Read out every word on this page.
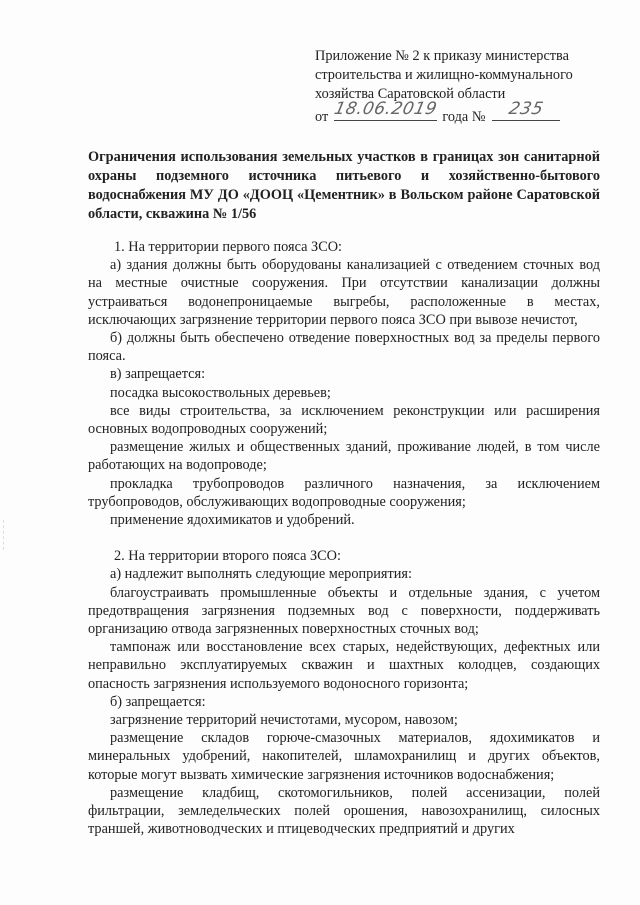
Приложение № 2 к приказу министерства
строительства и жилищно-коммунального
хозяйства Саратовской области
от 18.06.2019 года №	235
Ограничения использования земельных участков в границах зон санитарной охраны подземного источника питьевого и хозяйственно-бытового водоснабжения МУ ДО «ДООЦ «Цементник» в Вольском районе Саратовской области, скважина № 1/56

1. На территории первого пояса ЗСО:

а) здания должны быть оборудованы канализацией с отведением сточных вод на местные очистные сооружения. При отсутствии канализации должны устраиваться водонепроницаемые выгребы, расположенные в местах, исключающих загрязнение территории первого пояса ЗСО при вывозе нечистот,

б) должны быть обеспечено отведение поверхностных вод за пределы первого пояса.

в) запрещается:

посадка высокоствольных деревьев;

все виды строительства, за исключением реконструкции или расширения основных водопроводных сооружений;

размещение жилых и общественных зданий, проживание людей, в том числе работающих на водопроводе;

прокладка трубопроводов различного назначения, за исключением трубопроводов, обслуживающих водопроводные сооружения;

применение ядохимикатов и удобрений.

2. На территории второго пояса ЗСО:

а) надлежит выполнять следующие мероприятия:

благоустраивать промышленные объекты и отдельные здания, с учетом предотвращения загрязнения подземных вод с поверхности, поддерживать организацию отвода загрязненных поверхностных сточных вод;

тампонаж или восстановление всех старых, недействующих, дефектных или неправильно эксплуатируемых скважин и шахтных колодцев, создающих опасность загрязнения используемого водоносного горизонта;

б) запрещается:

загрязнение территорий нечистотами, мусором, навозом;

размещение складов горюче-смазочных материалов, ядохимикатов и минеральных удобрений, накопителей, шламохранилищ и других объектов, которые могут вызвать химические загрязнения источников водоснабжения;

размещение кладбищ, скотомогильников, полей ассенизации, полей фильтрации, земледельческих полей орошения, навозохранилищ, силосных траншей, животноводческих и птицеводческих предприятий и других
